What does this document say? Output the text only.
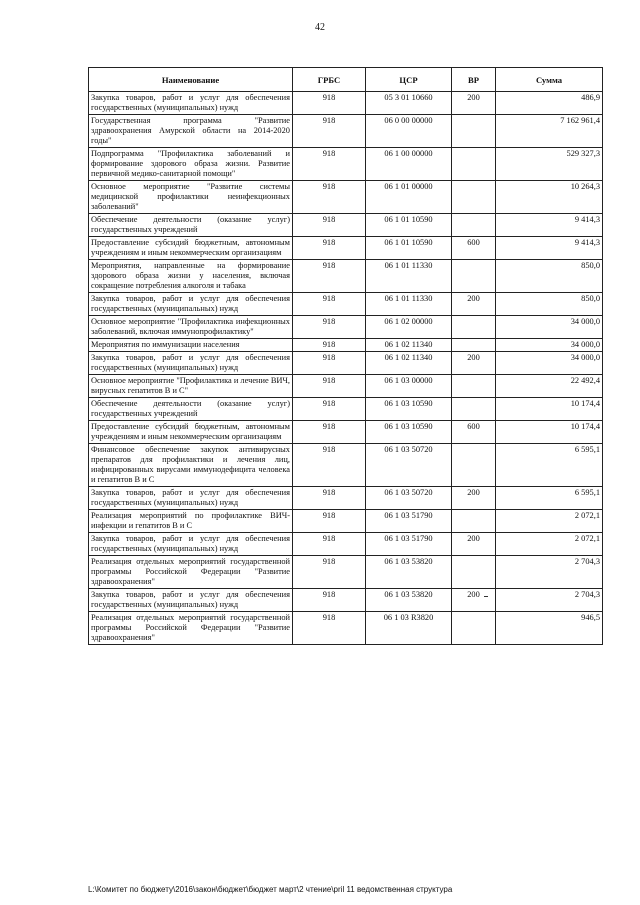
42
Наименование	ГРБС	ЦСР	ВР	Сумма
Закупка товаров, работ и услуг для обеспечения государственных (муниципальных) нужд	918	05 3 01 10660	200	486,9
Государственная программа "Развитие здравоохранения Амурской области на 2014-2020 годы"	918	06 0 00 00000		7 162 961,4
Подпрограмма "Профилактика заболеваний и формирование здорового образа жизни. Развитие первичной медико-санитарной помощи"	918	06 1 00 00000		529 327,3
Основное мероприятие "Развитие системы медицинской профилактики неинфекционных заболеваний"	918	06 1 01 00000		10 264,3
Обеспечение деятельности (оказание услуг) государственных учреждений	918	06 1 01 10590		9 414,3
Предоставление субсидий бюджетным, автономным учреждениям и иным некоммерческим организациям	918	06 1 01 10590	600	9 414,3
Мероприятия, направленные на формирование здорового образа жизни у населения, включая сокращение потребления алкоголя и табака	918	06 1 01 11330		850,0
Закупка товаров, работ и услуг для обеспечения государственных (муниципальных) нужд	918	06 1 01 11330	200	850,0
Основное мероприятие "Профилактика инфекционных заболеваний, включая иммунопрофилактику"	918	06 1 02 00000		34 000,0
Мероприятия по иммунизации населения	918	06 1 02 11340		34 000,0
Закупка товаров, работ и услуг для обеспечения государственных (муниципальных) нужд	918	06 1 02 11340	200	34 000,0
Основное мероприятие "Профилактика и лечение ВИЧ, вирусных гепатитов В и С"	918	06 1 03 00000		22 492,4
Обеспечение деятельности (оказание услуг) государственных учреждений	918	06 1 03 10590		10 174,4
Предоставление субсидий бюджетным, автономным учреждениям и иным некоммерческим организациям	918	06 1 03 10590	600	10 174,4
Финансовое обеспечение закупок антивирусных препаратов для профилактики и лечения лиц, инфицированных вирусами иммунодефицита человека и гепатитов В и С	918	06 1 03 50720		6 595,1
Закупка товаров, работ и услуг для обеспечения государственных (муниципальных) нужд	918	06 1 03 50720	200	6 595,1
Реализация мероприятий по профилактике ВИЧ-инфекции и гепатитов В и С	918	06 1 03 51790		2 072,1
Закупка товаров, работ и услуг для обеспечения государственных (муниципальных) нужд	918	06 1 03 51790	200	2 072,1
Реализация отдельных мероприятий государственной программы Российской Федерации "Развитие здравоохранения"	918	06 1 03 53820		2 704,3
Закупка товаров, работ и услуг для обеспечения государственных (муниципальных) нужд	918	06 1 03 53820	200	2 704,3
Реализация отдельных мероприятий государственной программы Российской Федерации "Развитие здравоохранения"	918	06 1 03 R3820		946,5
L:\Комитет по бюджету\2016\закон\бюджет\бюджет март\2 чтение\pril 11 ведомственная структура
